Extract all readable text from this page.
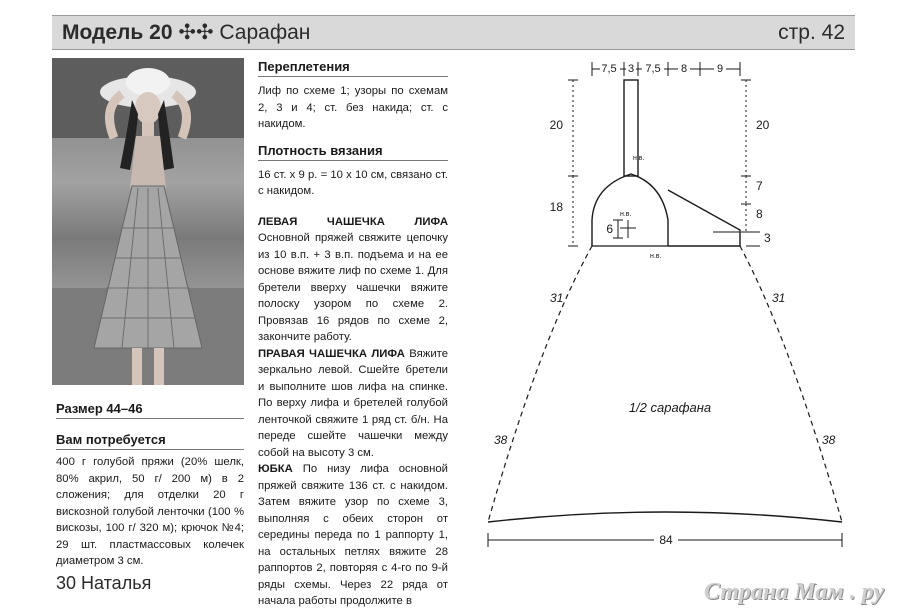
Модель 20 ✣✣ Сарафан	стр. 42
Размер 44–46
Вам потребуется
400 г голубой пряжи (20% шелк, 80% акрил, 50 г/ 200 м) в 2 сложения; для отделки 20 г вискозной голубой ленточки (100 % вискозы, 100 г/ 320 м); крючок №4; 29 шт. пластмассовых колечек диаметром 3 см.
Переплетения
Лиф по схеме 1; узоры по схемам 2, 3 и 4; ст. без накида; ст. с накидом.
Плотность вязания
16 ст. х 9 р. = 10 х 10 см, связано ст. с накидом.
ЛЕВАЯ ЧАШЕЧКА ЛИФА Основной пряжей свяжите цепочку из 10 в.п. + 3 в.п. подъема и на ее основе вяжите лиф по схеме 1. Для бретели вверху чашечки вяжите полоску узором по схеме 2. Провязав 16 рядов по схеме 2, закончите работу.
ПРАВАЯ ЧАШЕЧКА ЛИФА Вяжите зеркально левой. Сшейте бретели и выполните шов лифа на спинке. По верху лифа и бретелей голубой ленточкой свяжите 1 ряд ст. б/н. На переде сшейте чашечки между собой на высоту 3 см.
ЮБКА По низу лифа основной пряжей свяжите 136 ст. с накидом. Затем вяжите узор по схеме 3, выполняя с обеих сторон от середины переда по 1 раппорту 1, на остальных петлях вяжите 28 раппортов 2, повторяя с 4-го по 9-й ряды схемы. Через 22 ряда от начала работы продолжите в
30 Наталья
7,5 3 7,5 8	9
20
18
6
20
7
8
3
31
38
31
38
н.в.
н.в.
н.в.
1/2 сарафана
84
Страна Мам . ру
